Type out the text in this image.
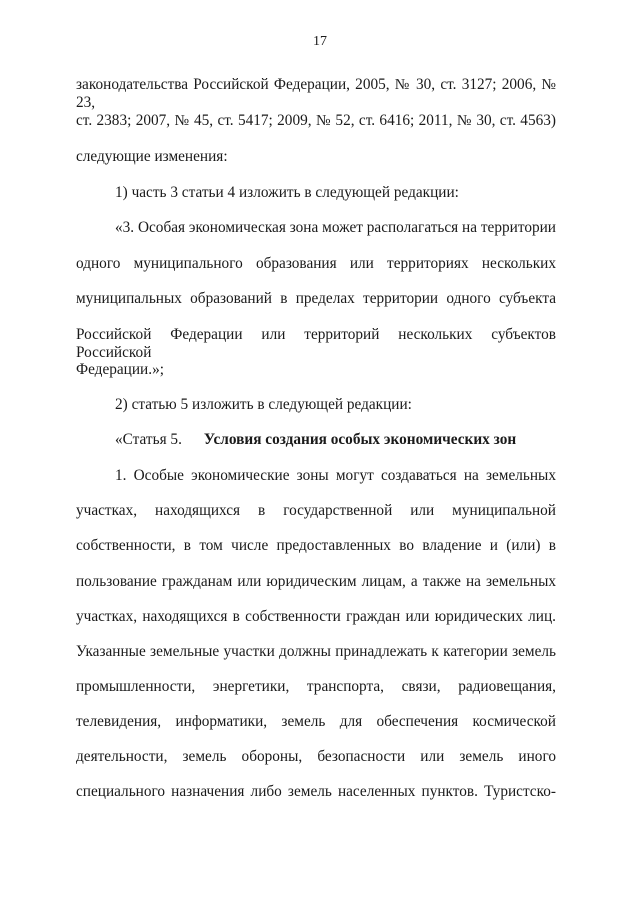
17
законодательства Российской Федерации, 2005, № 30, ст. 3127; 2006, № 23,
ст. 2383; 2007, № 45, ст. 5417; 2009, № 52, ст. 6416; 2011, № 30, ст. 4563)
следующие изменения:
1) часть 3 статьи 4 изложить в следующей редакции:
«3. Особая экономическая зона может располагаться на территории
одного муниципального образования или территориях нескольких
муниципальных образований в пределах территории одного субъекта
Российской Федерации или территорий нескольких субъектов Российской
Федерации.»;
2) статью 5 изложить в следующей редакции:
«Статья 5. Условия создания особых экономических зон
1. Особые экономические зоны могут создаваться на земельных
участках, находящихся в государственной или муниципальной
собственности, в том числе предоставленных во владение и (или) в
пользование гражданам или юридическим лицам, а также на земельных
участках, находящихся в собственности граждан или юридических лиц.
Указанные земельные участки должны принадлежать к категории земель
промышленности, энергетики, транспорта, связи, радиовещания,
телевидения, информатики, земель для обеспечения космической
деятельности, земель обороны, безопасности или земель иного
специального назначения либо земель населенных пунктов. Туристско-
